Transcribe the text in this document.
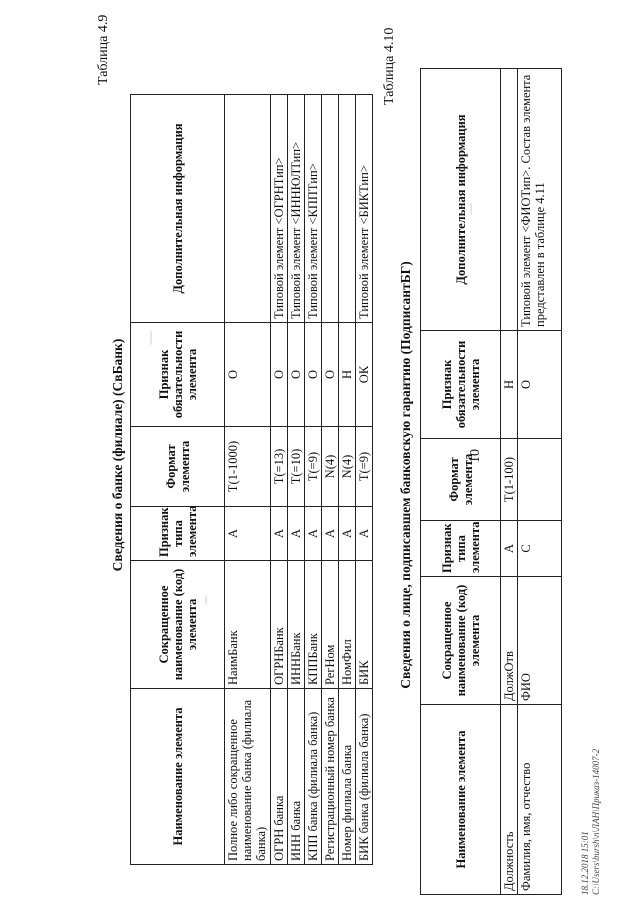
10
Таблица 4.9
Сведения о банке (филиале) (СвБанк)
Наименование элемента	Сокращенное наименование (код) элемента	Признак типа элемента	Формат элемента	Признак обязательности элемента	Дополнительная информация
Полное либо сокращенное наименование банка (филиала банка)	НаимБанк	А	T(1-1000)	О	
ОГРН банка	ОГРНБанк	А	T(=13)	О	Типовой элемент <ОГРНТип>
ИНН банка	ИННБанк	А	T(=10)	О	Типовой элемент <ИННЮЛТип>
КПП банка (филиала банка)	КППБанк	А	T(=9)	О	Типовой элемент <КППТип>
Регистрационный номер банка	РегНом	А	N(4)	О	
Номер филиала банка	НомФил	А	N(4)	Н	
БИК банка (филиала банка)	БИК	А	T(=9)	ОК	Типовой элемент <БИКТип>
Таблица 4.10
Сведения о лице, подписавшем банковскую гарантию (ПодписантБГ)
Наименование элемента	Сокращенное наименование (код) элемента	Признак типа элемента	Формат элемента	Признак обязательности элемента	Дополнительная информация
Должность	ДолжОтв	А	T(1-100)	Н	
Фамилия, имя, отчество	ФИО	С		О	Типовой элемент <ФИОТип>. Состав элемента представлен в таблице 4.11
18.12.2018 15:01 C:\Users\bursh\n\ЛАН\Приказ-14007-2
